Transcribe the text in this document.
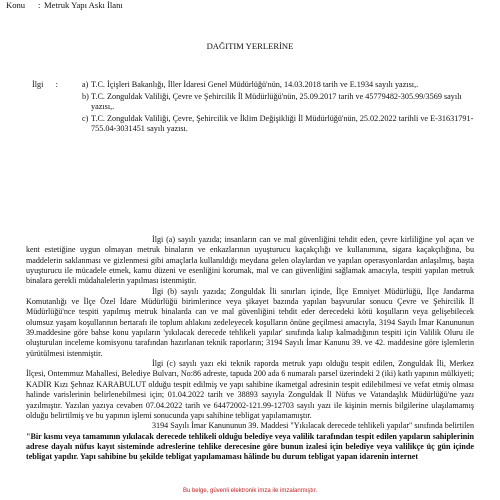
Konu : Metruk Yapı Askı İlanı
DAĞITIM YERLERİNE
İlgi :	a) T.C. İçişleri Bakanlığı, İller İdaresi Genel Müdürlüğü'nün, 14.03.2018 tarih ve E.1934 sayılı yazısı,.
b) T.C. Zonguldak Valiliği, Çevre ve Şehircilik İl Müdürlüğü'nün, 25.09.2017 tarih ve 45779482-305.99/3569 sayılı yazısı,.
c) T.C. Zonguldak Valiliği, Çevre, Şehircilik ve İklim Değişikliği İl Müdürlüğü'nün, 25.02.2022 tarihli ve E-31631791-755.04-3031451 sayılı yazısı.

İlgi (a) sayılı yazıda; insanların can ve mal güvenliğini tehdit eden, çevre kirliliğine yol açan ve kent estetiğine uygun olmayan metruk binaların ve enkazlarının uyuşturucu kaçakçılığı ve kullanımına, sigara kaçakçılığına, bu maddelerin saklanması ve gizlenmesi gibi amaçlarla kullanıldığı meydana gelen olaylardan ve yapılan operasyonlardan anlaşılmış, başta uyuşturucu ile mücadele etmek, kamu düzeni ve esenliğini korumak, mal ve can güvenliğini sağlamak amacıyla, tespiti yapılan metruk binalara gerekli müdahalelerin yapılması istenmiştir.

İlgi (b) sayılı yazıda; Zonguldak İli sınırları içinde, İlçe Emniyet Müdürlüğü, İlçe Jandarma Komutanlığı ve İlçe Özel İdare Müdürlüğü birimlerince veya şikayet bazında yapılan başvurular sonucu Çevre ve Şehircilik İl Müdürlüğü'nce tespiti yapılmış metruk binalarda can ve mal güvenliğini tehdit eder derecedeki kötü koşulların veya gelişebilecek olumsuz yaşam koşullarının bertarafı ile toplum ahlakını zedeleyecek koşulların önüne geçilmesi amacıyla, 3194 Sayılı İmar Kanununun 39.maddesine göre bahse konu yapıların 'yıkılacak derecede tehlikeli yapılar' sınıfında kalıp kalmadığının tespiti için Valilik Oluru ile oluşturulan inceleme komisyonu tarafından hazırlanan teknik raporların; 3194 Sayılı İmar Kanunu 39. ve 42. maddesine göre işlemlerin yürütülmesi istenmiştir.

İlgi (c) sayılı yazı eki teknik raporda metruk yapı olduğu tespit edilen, Zonguldak İli, Merkez İlçesi, Ontemmuz Mahallesi, Belediye Bulvarı, No:86 adreste, tapuda 200 ada 6 numaralı parsel üzerindeki 2 (iki) katlı yapının mülkiyeti; KADİR Kızı Şehnaz KARABULUT olduğu tespit edilmiş ve yapı sahibine ikametgal adresinin tespit edilebilmesi ve vefat etmiş olması halinde varislerinin belirlenebilmesi için; 01.04.2022 tarih ve 38893 sayıyla Zonguldak İl Nüfus ve Vatandaşlık Müdürlüğü'ne yazı yazılmıştır. Yazılan yazıya cevaben 07.04.2022 tarih ve 64472002-121.99-12703 sayılı yazı ile kişinin mernis bilgilerine ulaşılamamış olduğu belirtilmiş ve bu yapının işlemi sonucunda yapı sahibine tebligat yapılamamıştır.

3194 Sayılı İmar Kanununun 39. Maddesi "Yıkılacak derecede tehlikeli yapılar" sınıfında belirtilen "Bir kısmı veya tamamının yıkılacak derecede tehlikeli olduğu belediye veya valilik tarafından tespit edilen yapıların sahiplerinin adrese dayalı nüfus kayıt sisteminde adreslerine tehlike derecesine göre bunun izalesi için belediye veya valilikçe üç gün içinde tebligat yapılır. Yapı sahibine bu şekilde tebligat yapılamaması hâlinde bu durum tebligat yapan idarenin internet

Bu belge, güvenli elektronik imza ile imzalanmıştır.
